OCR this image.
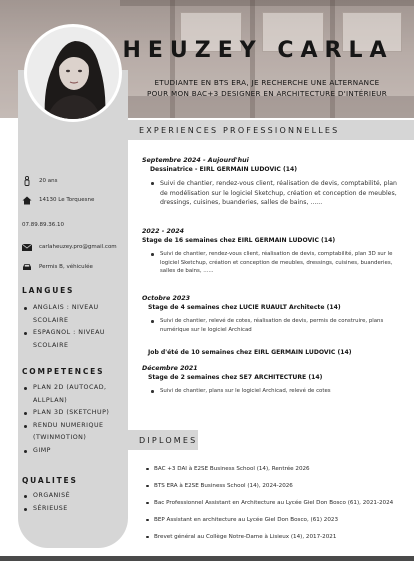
HEUZEY CARLA
ETUDIANTE EN BTS ERA, JE RECHERCHE UNE ALTERNANCE
POUR MON BAC+3 DESIGNER EN ARCHITECTURE D'INTÉRIEUR
EXPERIENCES PROFESSIONNELLES
DIPLOMES
20 ans
14130 Le Torquesne
07.89.89.36.10
carlaheuzey.pro@gmail.com
Permis B, véhiculée
LANGUES
ANGLAIS : NIVEAU SCOLAIRE
ESPAGNOL : NIVEAU SCOLAIRE
COMPETENCES
PLAN 2D (AUTOCAD, ALLPLAN)
PLAN 3D (SKETCHUP)
RENDU NUMERIQUE (TWINMOTION)
GIMP
QUALITES
ORGANISÉ
SÉRIEUSE
Septembre 2024 - Aujourd'hui
Dessinatrice - EIRL GERMAIN LUDOVIC (14)
Suivi de chantier, rendez-vous client, réalisation de devis, comptabilité, plan de modélisation sur le logiciel Sketchup, création et conception de meubles, dressings, cuisines, buanderies, salles de bains, ......
2022 - 2024
Stage de 16 semaines chez EIRL GERMAIN LUDOVIC (14)
Suivi de chantier, rendez-vous client, réalisation de devis, comptabilité, plan 3D sur le logiciel Sketchup, création et conception de meubles, dressings, cuisines, buanderies, salles de bains, ......
Octobre 2023
Stage de 4 semaines chez LUCIE RUAULT Architecte (14)
Suivi de chantier, relevé de cotes, réalisation de devis, permis de construire, plans numérique sur le logiciel Archicad
Job d'été de 10 semaines chez EIRL GERMAIN LUDOVIC (14)
Décembre 2021
Stage de 2 semaines chez SE7 ARCHITECTURE (14)
Suivi de chantier, plans sur le logiciel Archicad, relevé de cotes
BAC +3 DAI à E2SE Business School (14), Rentrée 2026
BTS ERA à E2SE Business School (14), 2024-2026
Bac Professionnel Assistant en Architecture au Lycée Giel Don Bosco (61), 2021-2024
BEP Assistant en architecture au Lycée Giel Don Bosco, (61) 2023
Brevet général au Collège Notre-Dame à Lisieux (14), 2017-2021
